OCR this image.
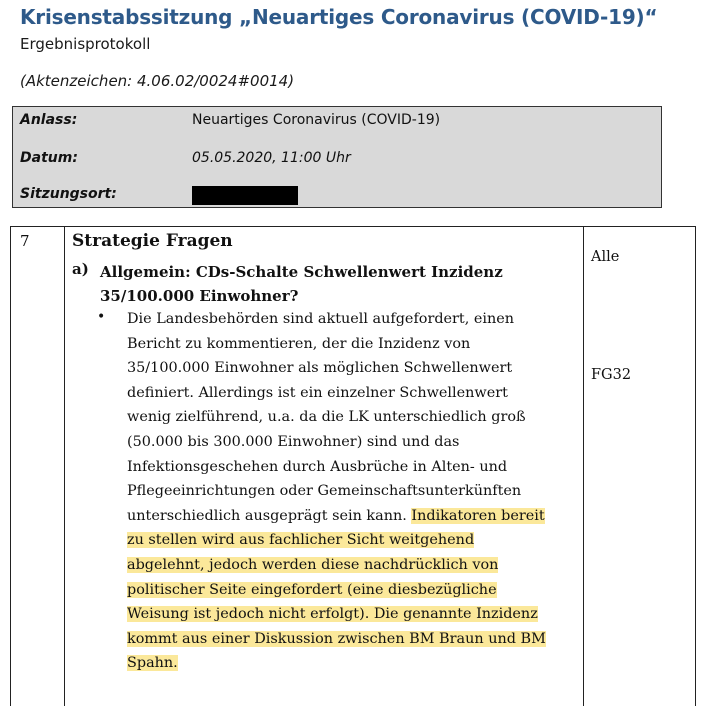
Krisenstabssitzung „Neuartiges Coronavirus (COVID-19)“
Ergebnisprotokoll
(Aktenzeichen: 4.06.02/0024#0014)
Anlass:	Neuartiges Coronavirus (COVID-19)
Datum:	05.05.2020, 11:00 Uhr
Sitzungsort:
7 Strategie Fragen
a) Allgemein: CDs-Schalte Schwellenwert Inzidenz
35/100.000 Einwohner?
• Die Landesbehörden sind aktuell aufgefordert, einen
Bericht zu kommentieren, der die Inzidenz von
35/100.000 Einwohner als möglichen Schwellenwert
definiert. Allerdings ist ein einzelner Schwellenwert
wenig zielführend, u.a. da die LK unterschiedlich groß
(50.000 bis 300.000 Einwohner) sind und das
Infektionsgeschehen durch Ausbrüche in Alten- und
Pflegeeinrichtungen oder Gemeinschaftsunterkünften
unterschiedlich ausgeprägt sein kann. Indikatoren bereit
zu stellen wird aus fachlicher Sicht weitgehend
abgelehnt, jedoch werden diese nachdrücklich von
politischer Seite eingefordert (eine diesbezügliche
Weisung ist jedoch nicht erfolgt). Die genannte Inzidenz
kommt aus einer Diskussion zwischen BM Braun und BM
Spahn.
Alle
FG32
